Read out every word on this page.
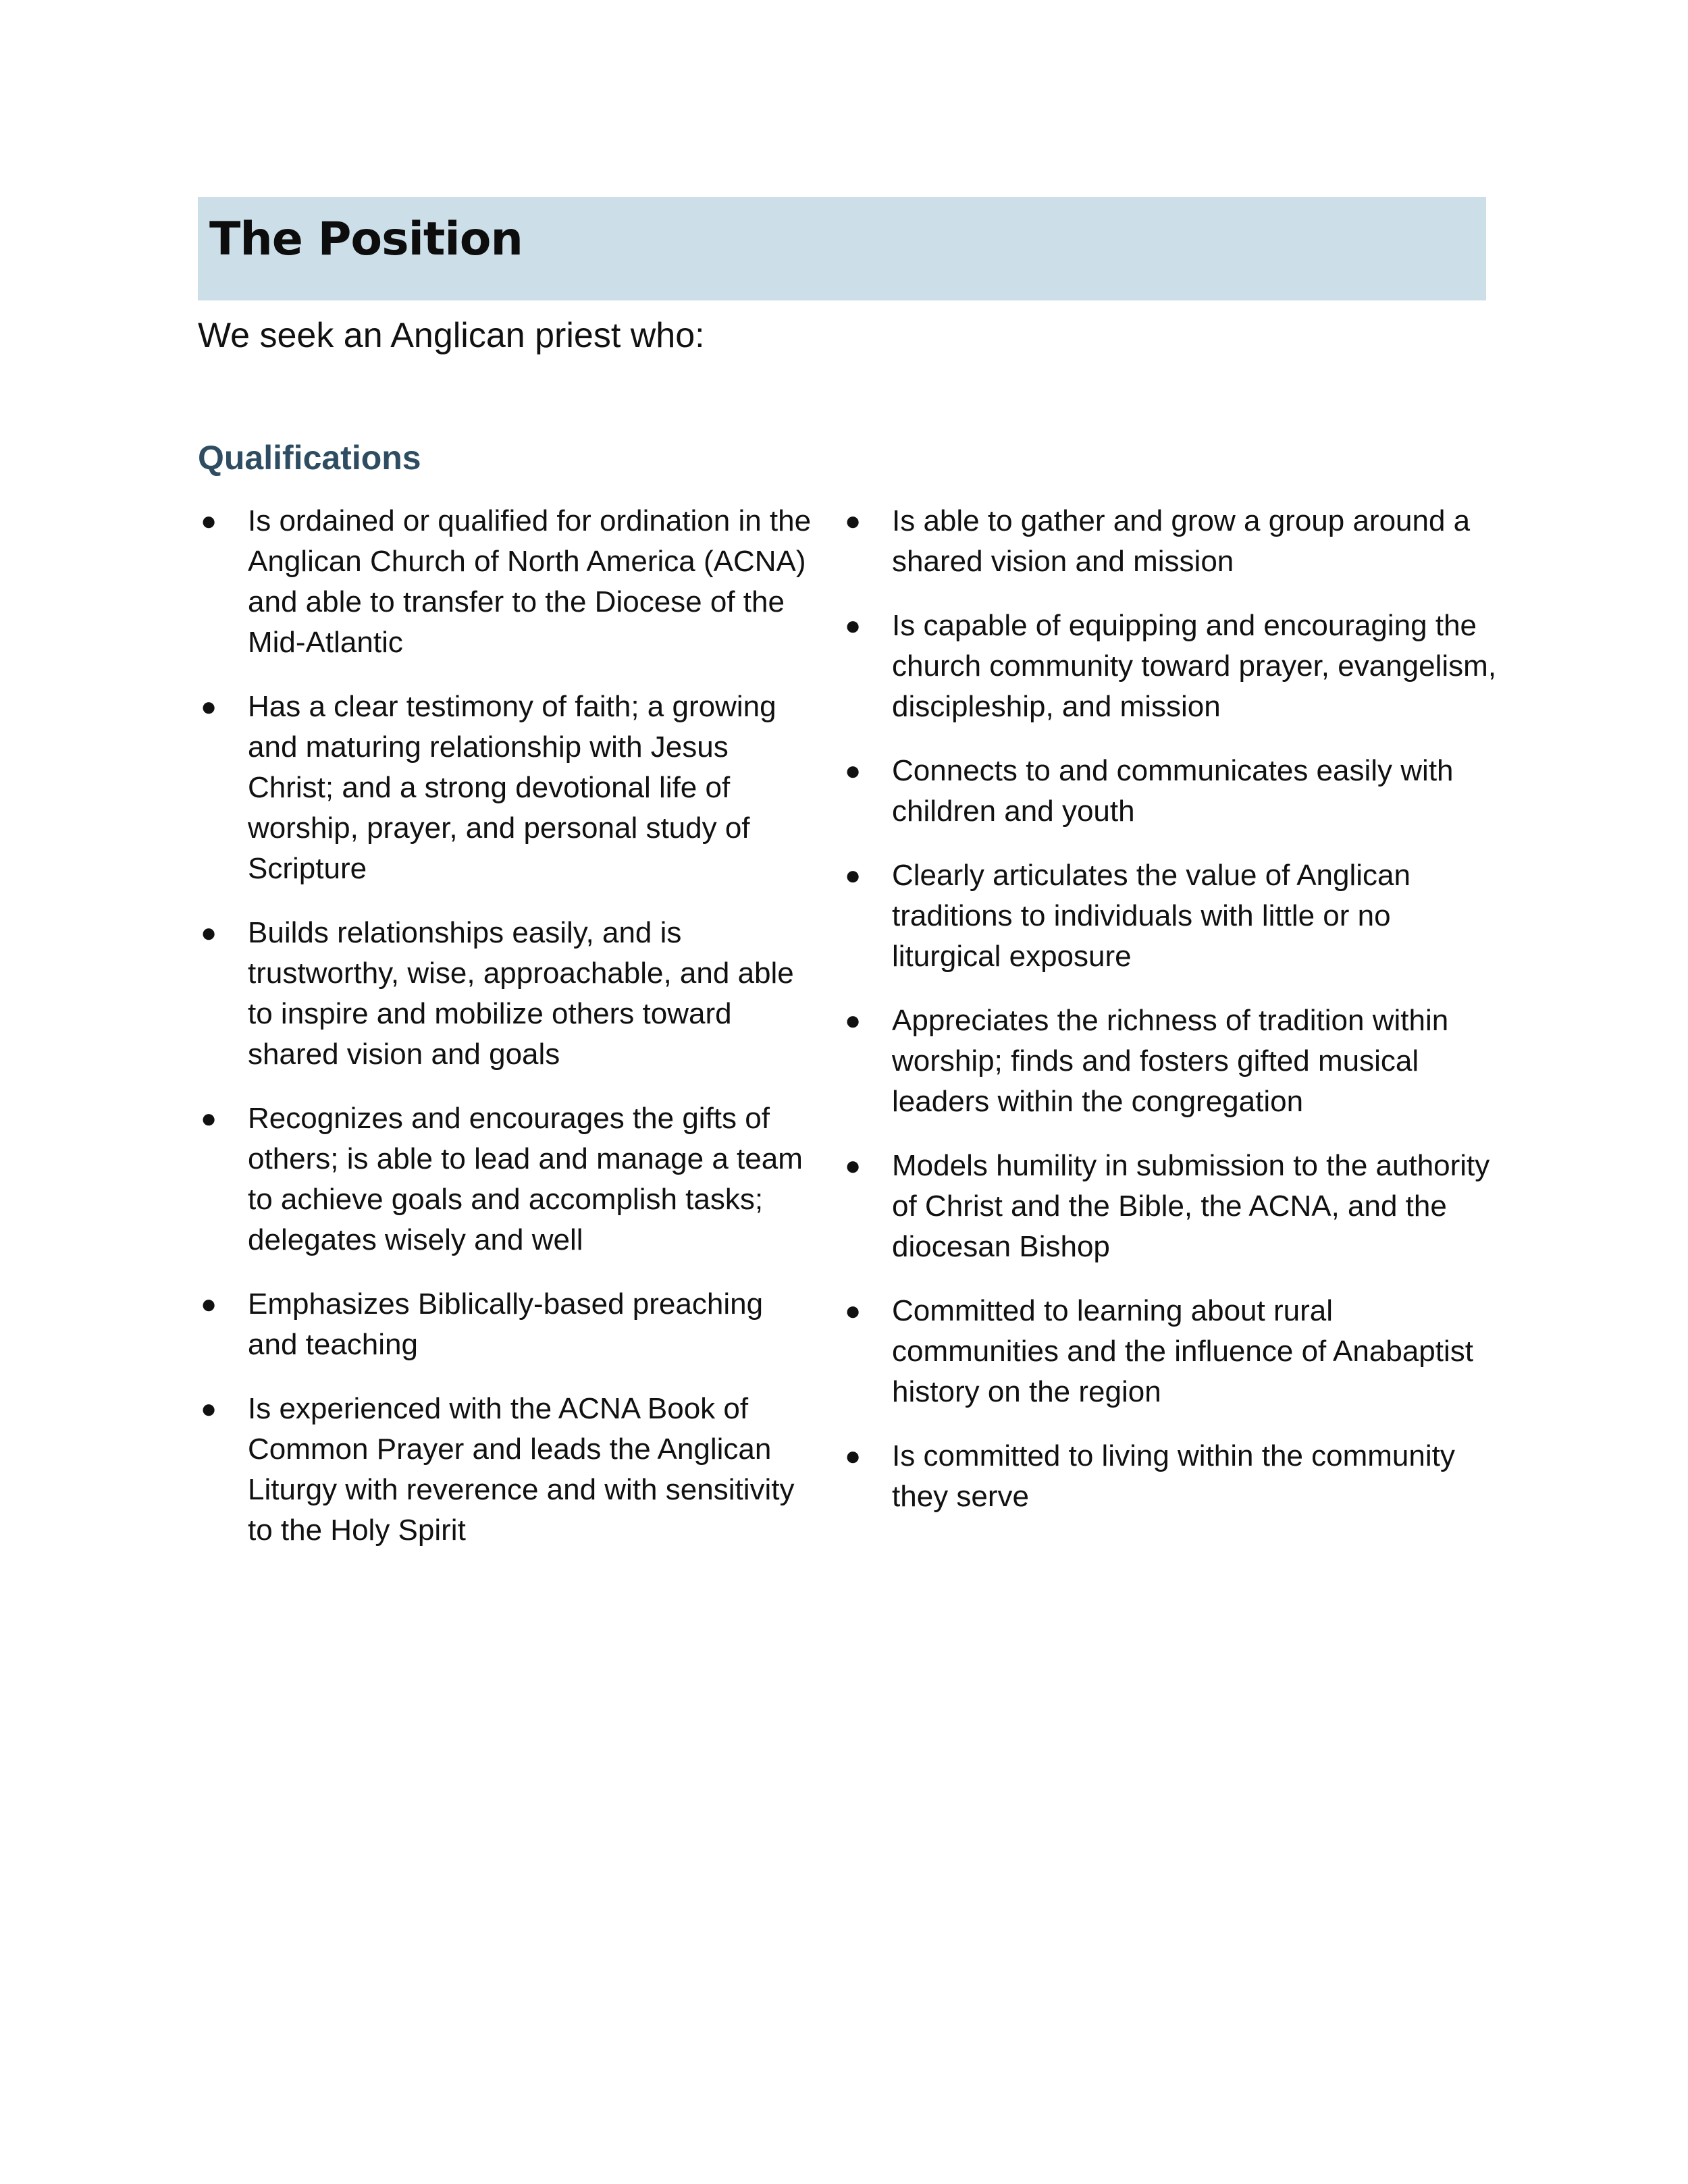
The Position

We seek an Anglican priest who:

Qualifications
●	Is ordained or qualified for ordination in the Anglican Church of North America (ACNA) and able to transfer to the Diocese of the Mid-Atlantic
●	Has a clear testimony of faith; a growing and maturing relationship with Jesus Christ; and a strong devotional life of worship, prayer, and personal study of Scripture
●	Builds relationships easily, and is trustworthy, wise, approachable, and able to inspire and mobilize others toward shared vision and goals
●	Recognizes and encourages the gifts of others; is able to lead and manage a team to achieve goals and accomplish tasks; delegates wisely and well
●	Emphasizes Biblically-based preaching and teaching
●	Is experienced with the ACNA Book of Common Prayer and leads the Anglican Liturgy with reverence and with sensitivity to the Holy Spirit
●	Is able to gather and grow a group around a shared vision and mission
●	Is capable of equipping and encouraging the church community toward prayer, evangelism, discipleship, and mission
●	Connects to and communicates easily with children and youth
●	Clearly articulates the value of Anglican traditions to individuals with little or no liturgical exposure
●	Appreciates the richness of tradition within worship; finds and fosters gifted musical leaders within the congregation
●	Models humility in submission to the authority of Christ and the Bible, the ACNA, and the diocesan Bishop
●	Committed to learning about rural communities and the influence of Anabaptist history on the region
●	Is committed to living within the community they serve
